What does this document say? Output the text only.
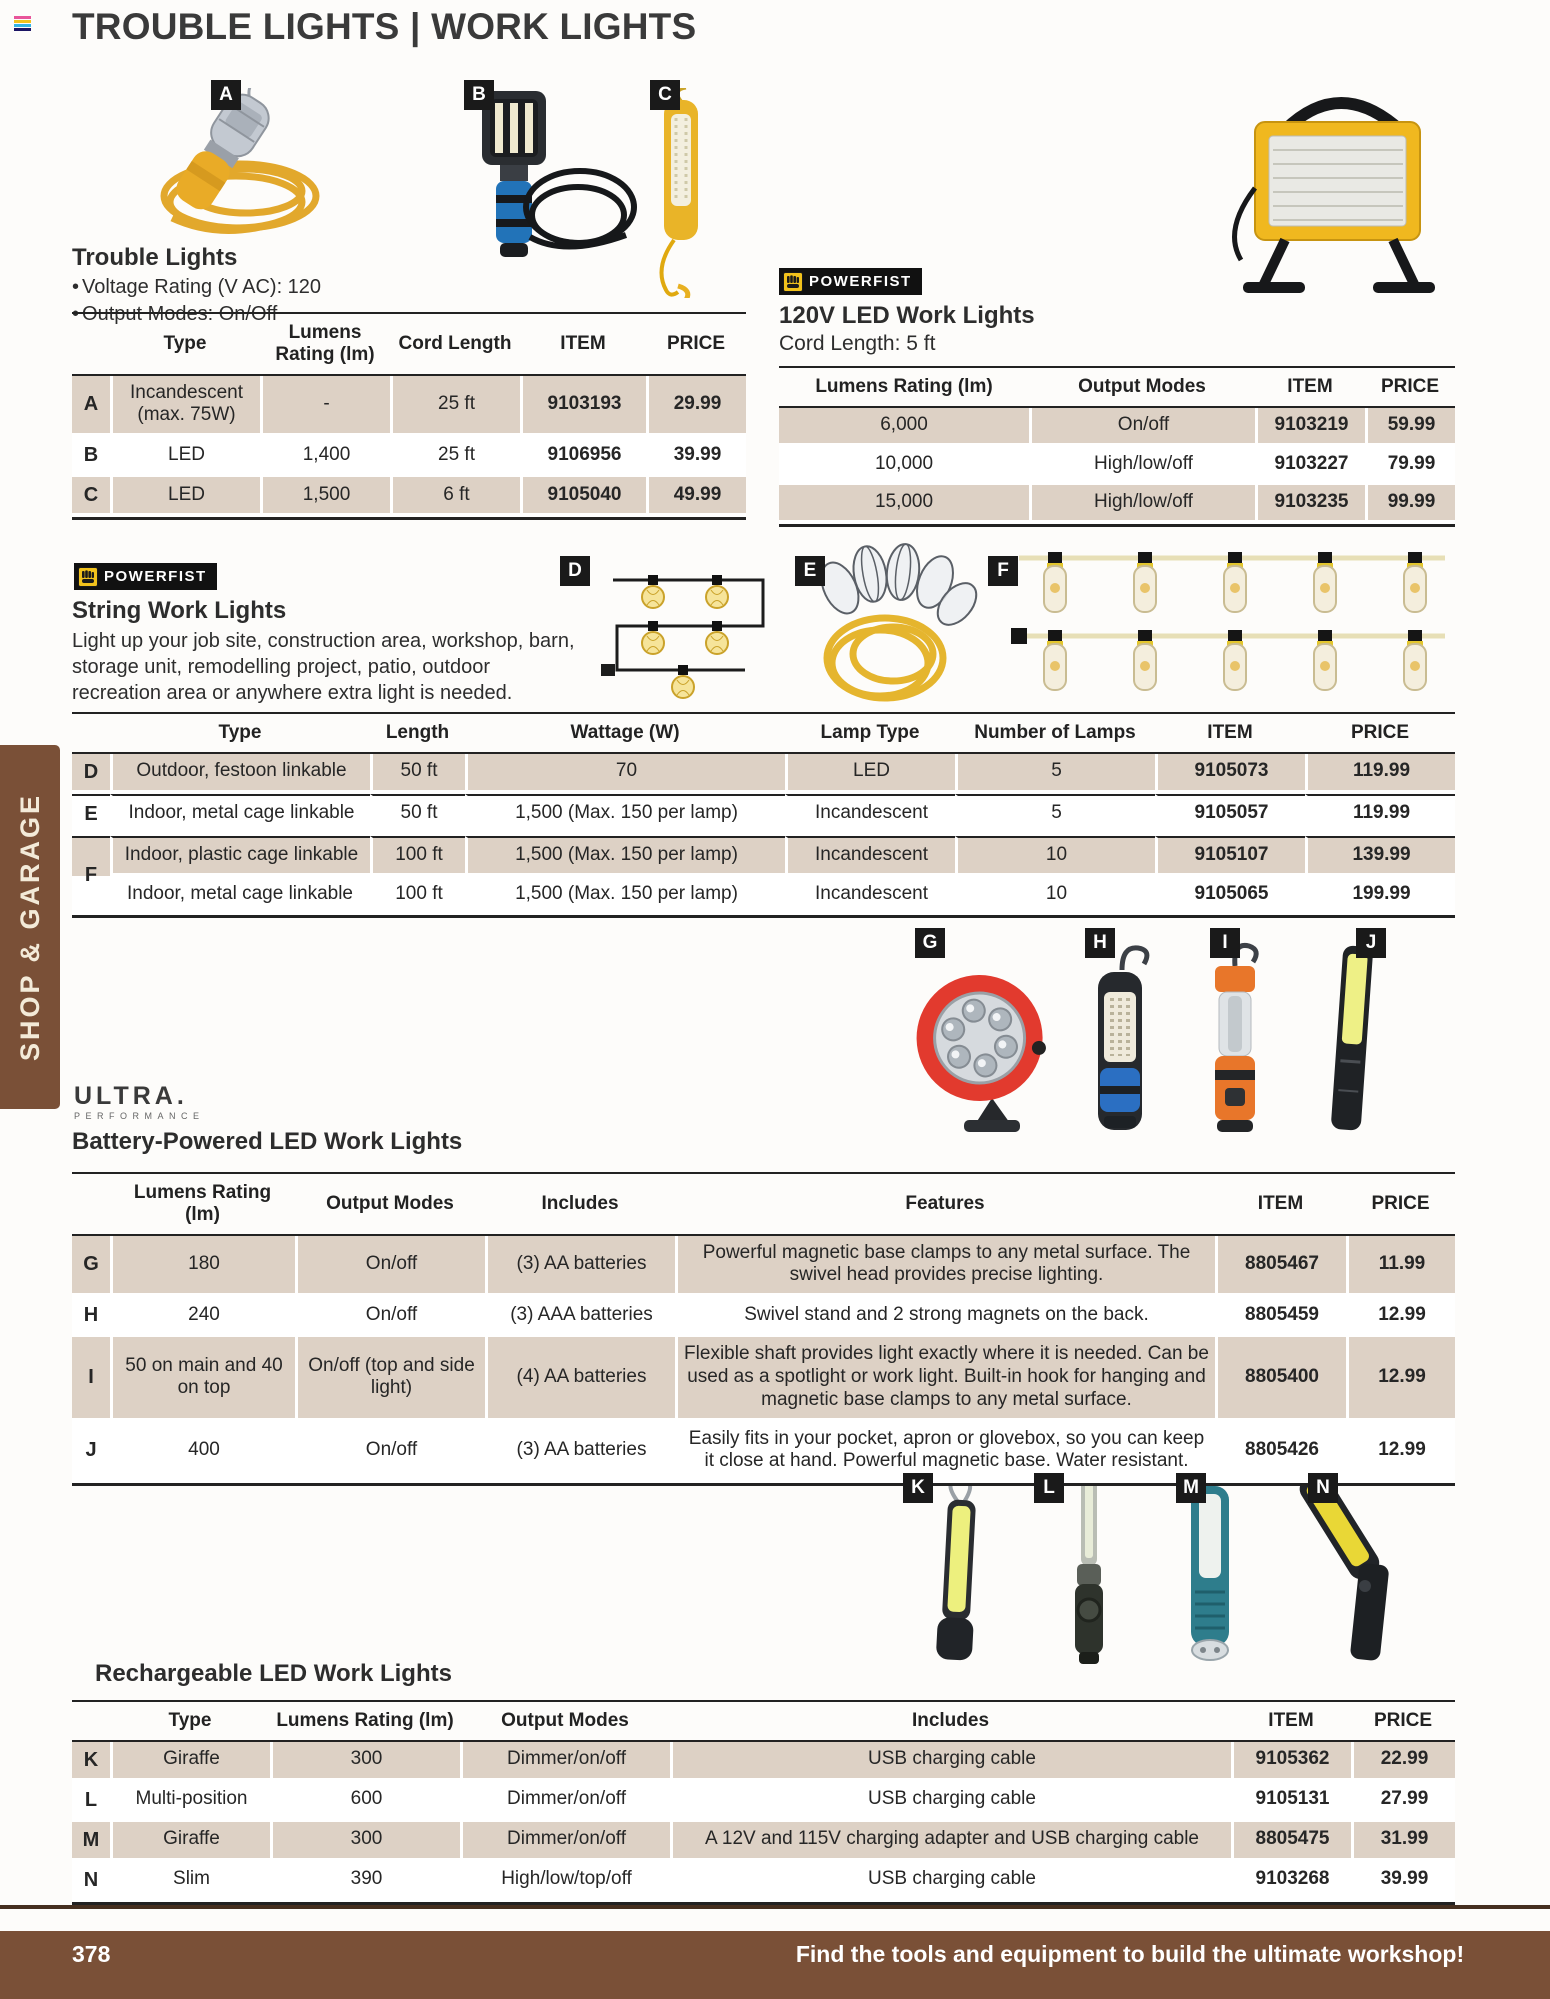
TROUBLE LIGHTS | WORK LIGHTS
A	B	C
D	E	F
G	H	I	J
K	L	M	N
Trouble Lights
• Voltage Rating (V AC): 120
• Output Modes: On/Off
	Type	Lumens Rating (lm)	Cord Length	ITEM	PRICE
A	Incandescent (max. 75W)	-	25 ft	9103193	29.99
B	LED	1,400	25 ft	9106956	39.99
C	LED	1,500	6 ft	9105040	49.99
POWERFIST
120V LED Work Lights
Cord Length: 5 ft
Lumens Rating (lm)	Output Modes	ITEM	PRICE
6,000	On/off	9103219	59.99
10,000	High/low/off	9103227	79.99
15,000	High/low/off	9103235	99.99
POWERFIST
String Work Lights

Light up your job site, construction area, workshop, barn, storage unit, remodelling project, patio, outdoor recreation area or anywhere extra light is needed.

	Type	Length	Wattage (W)	Lamp Type	Number of Lamps	ITEM	PRICE
D	Outdoor, festoon linkable	50 ft	70	LED	5	9105073	119.99
E	Indoor, metal cage linkable	50 ft	1,500 (Max. 150 per lamp)	Incandescent	5	9105057	119.99
F	Indoor, plastic cage linkable	100 ft	1,500 (Max. 150 per lamp)	Incandescent	10	9105107	139.99
	Indoor, metal cage linkable	100 ft	1,500 (Max. 150 per lamp)	Incandescent	10	9105065	199.99
ULTRA.
PERFORMANCE
Battery-Powered LED Work Lights
	Lumens Rating (lm)	Output Modes	Includes	Features	ITEM	PRICE
G	180	On/off	(3) AA batteries	Powerful magnetic base clamps to any metal surface. The swivel head provides precise lighting.	8805467	11.99
H	240	On/off	(3) AAA batteries	Swivel stand and 2 strong magnets on the back.	8805459	12.99
I	50 on main and 40 on top	On/off (top and side light)	(4) AA batteries	Flexible shaft provides light exactly where it is needed. Can be used as a spotlight or work light. Built-in hook for hanging and magnetic base clamps to any metal surface.	8805400	12.99
J	400	On/off	(3) AA batteries	Easily fits in your pocket, apron or glovebox, so you can keep it close at hand. Powerful magnetic base. Water resistant.	8805426	12.99
Rechargeable LED Work Lights
	Type	Lumens Rating (lm)	Output Modes	Includes	ITEM	PRICE
K	Giraffe	300	Dimmer/on/off	USB charging cable	9105362	22.99
L	Multi-position	600	Dimmer/on/off	USB charging cable	9105131	27.99
M	Giraffe	300	Dimmer/on/off	A 12V and 115V charging adapter and USB charging cable	8805475	31.99
N	Slim	390	High/low/top/off	USB charging cable	9103268	39.99
SHOP & GARAGE
378	Find the tools and equipment to build the ultimate workshop!
